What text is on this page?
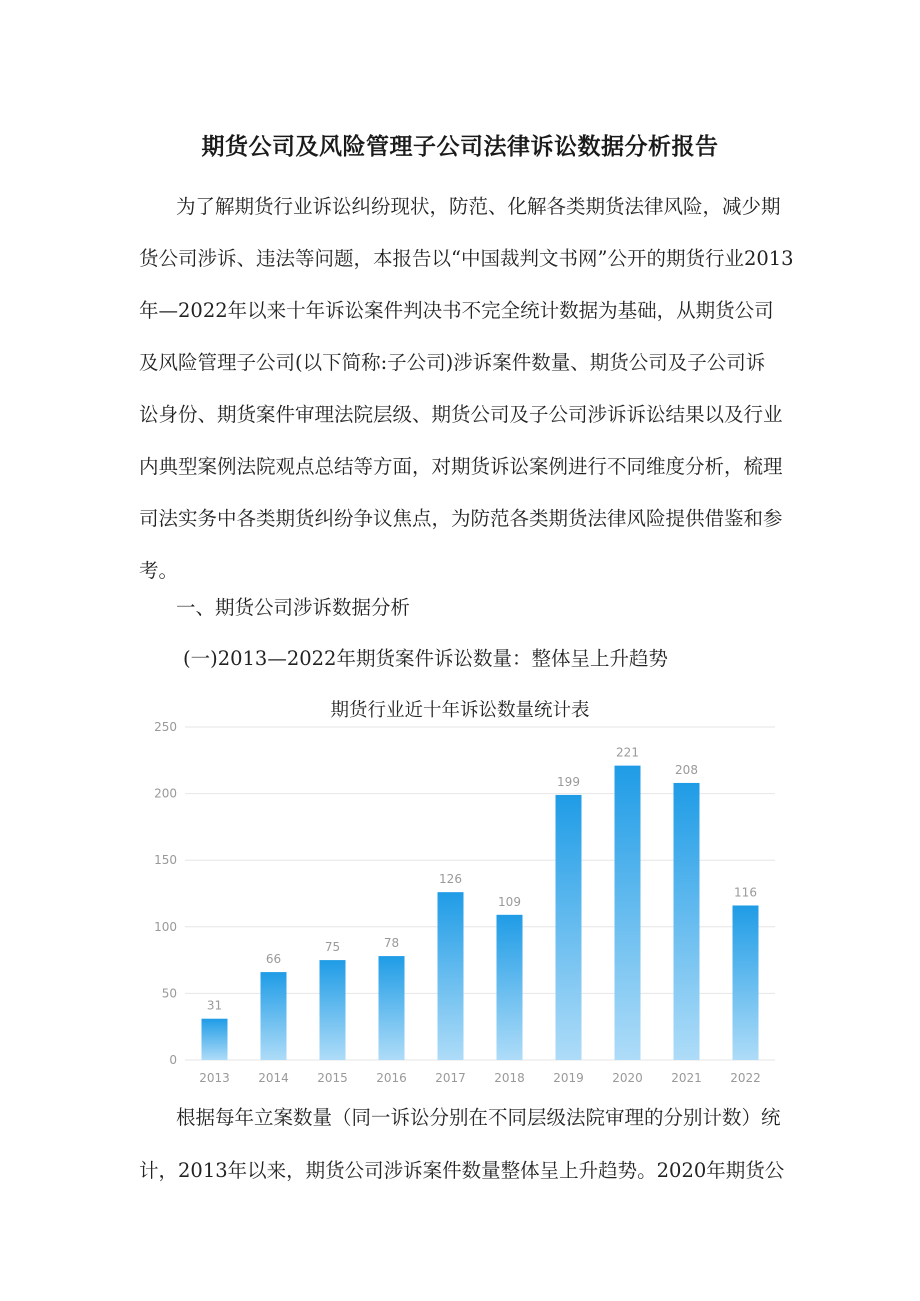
期货公司及风险管理子公司法律诉讼数据分析报告
为了解期货行业诉讼纠纷现状，防范、化解各类期货法律风险，减少期
货公司涉诉、违法等问题，本报告以“中国裁判文书网”公开的期货行业2013
年—2022年以来十年诉讼案件判决书不完全统计数据为基础，从期货公司
及风险管理子公司(以下简称:子公司)涉诉案件数量、期货公司及子公司诉
讼身份、期货案件审理法院层级、期货公司及子公司涉诉诉讼结果以及行业
内典型案例法院观点总结等方面，对期货诉讼案例进行不同维度分析，梳理
司法实务中各类期货纠纷争议焦点，为防范各类期货法律风险提供借鉴和参
考。
一、期货公司涉诉数据分析
(一)2013—2022年期货案件诉讼数量：整体呈上升趋势
期货行业近十年诉讼数量统计表
0
50
100
150
200
250
2013 2014 2015 2016 2017 2018 2019 2020 2021 2022
31
66
75	78
126
109
199
221
208
116
根据每年立案数量（同一诉讼分别在不同层级法院审理的分别计数）统
计，2013年以来，期货公司涉诉案件数量整体呈上升趋势。2020年期货公
